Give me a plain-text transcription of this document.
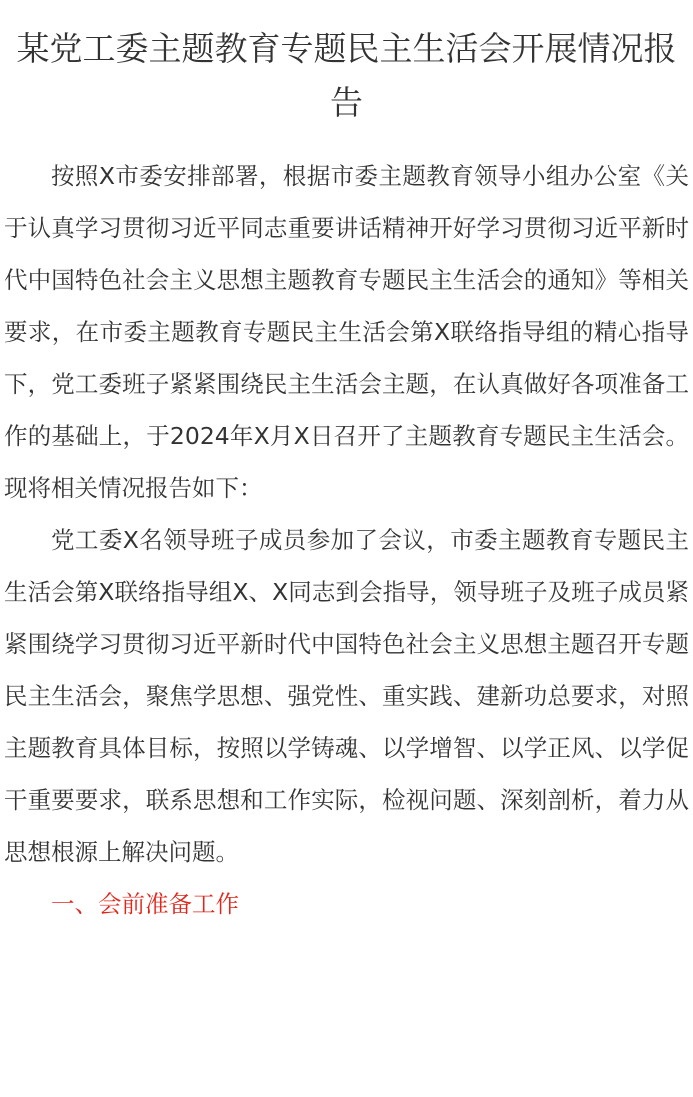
某党工委主题教育专题民主生活会开展情况报告

按照X市委安排部署，根据市委主题教育领导小组办公室《关于认真学习贯彻习近平同志重要讲话精神开好学习贯彻习近平新时代中国特色社会主义思想主题教育专题民主生活会的通知》等相关要求，在市委主题教育专题民主生活会第X联络指导组的精心指导下，党工委班子紧紧围绕民主生活会主题，在认真做好各项准备工作的基础上，于2024年X月X日召开了主题教育专题民主生活会。现将相关情况报告如下：

党工委X名领导班子成员参加了会议，市委主题教育专题民主生活会第X联络指导组X、X同志到会指导，领导班子及班子成员紧紧围绕学习贯彻习近平新时代中国特色社会主义思想主题召开专题民主生活会，聚焦学思想、强党性、重实践、建新功总要求，对照主题教育具体目标，按照以学铸魂、以学增智、以学正风、以学促干重要要求，联系思想和工作实际，检视问题、深刻剖析，着力从思想根源上解决问题。

一、会前准备工作
